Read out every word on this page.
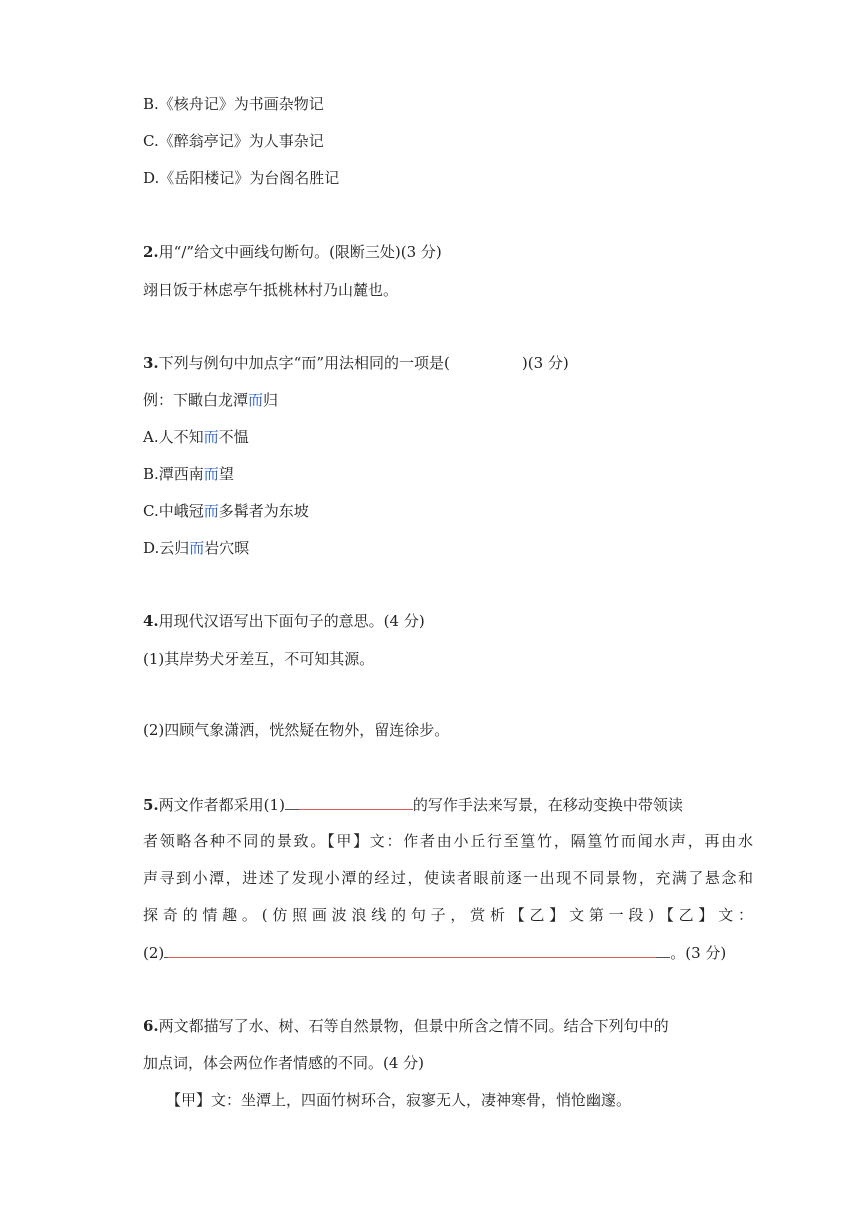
B.《核舟记》为书画杂物记
C.《醉翁亭记》为人事杂记
D.《岳阳楼记》为台阁名胜记
2.用“/”给文中画线句断句。(限断三处)(3 分)
翊日饭于林虑亭午抵桃林村乃山麓也。
3.下列与例句中加点字“而”用法相同的一项是(	)(3 分)
例：下瞰白龙潭而归
A.人不知而不愠
B.潭西南而望
C.中峨冠而多髯者为东坡
D.云归而岩穴暝
4.用现代汉语写出下面句子的意思。(4 分)
(1)其岸势犬牙差互，不可知其源。
(2)四顾气象潇洒，恍然疑在物外，留连徐步。
5.两文作者都采用(1)	的写作手法来写景，在移动变换中带领读
者领略各种不同的景致。【甲】文：作者由小丘行至篁竹，隔篁竹而闻水声，再由水
声寻到小潭，进述了发现小潭的经过，使读者眼前逐一出现不同景物，充满了悬念和
探奇的情趣。(仿照画波浪线的句子，赏析【乙】文第一段)【乙】文：
(2)	。(3 分)
6.两文都描写了水、树、石等自然景物，但景中所含之情不同。结合下列句中的
加点词，体会两位作者情感的不同。(4 分)
【甲】文：坐潭上，四面竹树环合，寂寥无人，凄神寒骨，悄怆幽邃。
